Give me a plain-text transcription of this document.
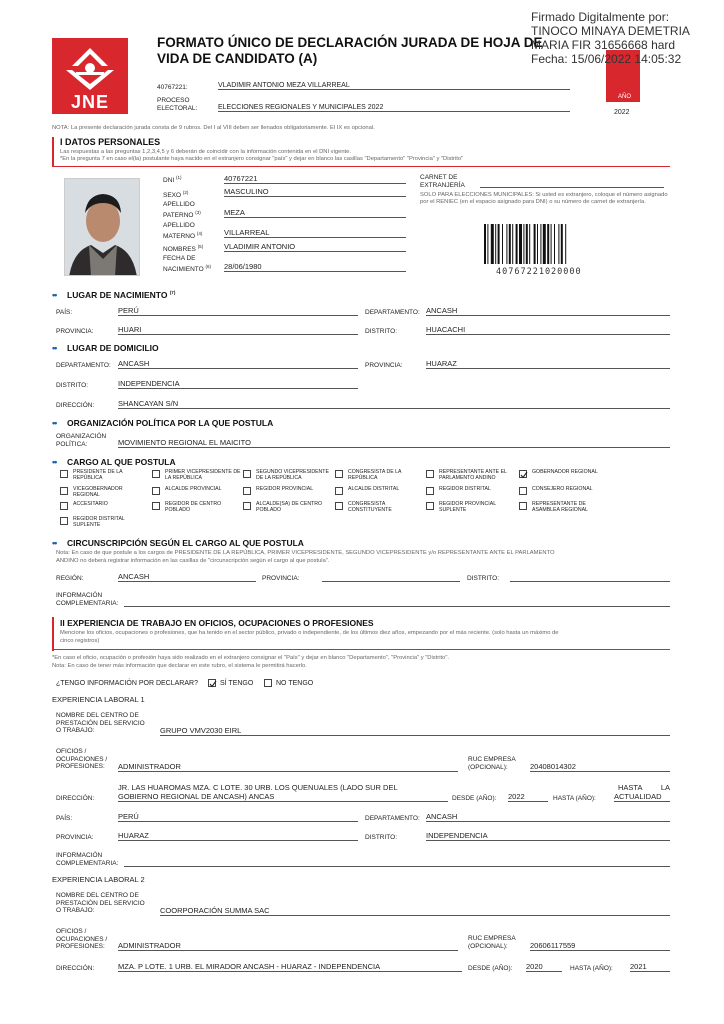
JNE
FORMATO ÚNICO DE DECLARACIÓN JURADA DE HOJA DE
VIDA DE CANDIDATO (A)
Firmado Digitalmente por:
TINOCO MINAYA DEMETRIA
MARIA FIR 31656668 hard
Fecha: 15/06/2022 14:05:32
40767221:	VLADIMIR ANTONIO MEZA VILLARREAL
PROCESO
ELECTORAL:	ELECCIONES REGIONALES Y MUNICIPALES 2022
AÑO
2022
NOTA: La presente declaración jurada consta de 9 rubros. Del I al VIII deben ser llenados obligatoriamente. El IX es opcional.
I DATOS PERSONALES
Las respuestas a las preguntas 1,2,3,4,5 y 6 deberán de coincidir con la información contenida en el DNI vigente.
*En la pregunta 7 en caso el(la) postulante haya nacido en el extranjero consignar "país" y dejar en blanco las casillas "Departamento" "Provincia" y "Distrito"
DNI $^{(1)}$	40767221
SEXO $^{(2)}$	MASCULINO
APELLIDO
PATERNO $^{(3)}$	MEZA
APELLIDO
MATERNO $^{(4)}$	VILLARREAL
NOMBRES $^{(5)}$	VLADIMIR ANTONIO
FECHA DE
NACIMIENTO $^{(6)}$ 28/06/1980
CARNET DE
EXTRANJERÍA
SOLO PARA ELECCIONES MUNICIPALES: Si usted es extranjero, coloque el número asignado por el RENIEC (en el espacio asignado para DNI) o su número de carnet de extranjería.
40767221020000
•• LUGAR DE NACIMIENTO $^{(7)}$
PAÍS:	PERÚ	DEPARTAMENTO: ANCASH
PROVINCIA:	HUARI	DISTRITO:	HUACACHI
•• LUGAR DE DOMICILIO
DEPARTAMENTO: ANCASH	PROVINCIA:	HUARAZ
DISTRITO:	INDEPENDENCIA
DIRECCIÓN:	SHANCAYAN S/N
•• ORGANIZACIÓN POLÍTICA POR LA QUE POSTULA
ORGANIZACIÓN
POLÍTICA:	MOVIMIENTO REGIONAL EL MAICITO
•• CARGO AL QUE POSTULA
PRESIDENTE DE LA REPÚBLICA
PRIMER VICEPRESIDENTE DE LA REPÚBLICA
SEGUNDO VICEPRESIDENTE DE LA REPÚBLICA
CONGRESISTA DE LA REPÚBLICA
REPRESENTANTE ANTE EL PARLAMENTO ANDINO
GOBERNADOR REGIONAL
VICEGOBERNADOR REGIONAL
ALCALDE PROVINCIAL	REGIDOR PROVINCIAL	ALCALDE DISTRITAL	REGIDOR DISTRITAL	CONSEJERO REGIONAL
ACCESITARIO	REGIDOR DE CENTRO POBLADO
ALCALDE(SA) DE CENTRO POBLADO
CONGRESISTA CONSTITUYENTE
REGIDOR PROVINCIAL SUPLENTE
REPRESENTANTE DE ASAMBLEA REGIONAL
REGIDOR DISTRITAL SUPLENTE
•• CIRCUNSCRIPCIÓN SEGÚN EL CARGO AL QUE POSTULA
Nota: En caso de que postule a los cargos de PRESIDENTE DE LA REPÚBLICA, PRIMER VICEPRESIDENTE, SEGUNDO VICEPRESIDENTE y/o REPRESENTANTE ANTE EL PARLAMENTO
ANDINO no deberá registrar información en las casillas de "circunscripción según el cargo al que postula".
REGIÓN:	ANCASH	PROVINCIA:	DISTRITO:
INFORMACIÓN
COMPLEMENTARIA:
II EXPERIENCIA DE TRABAJO EN OFICIOS, OCUPACIONES O PROFESIONES
Mencione los oficios, ocupaciones o profesiones, que ha tenido en el sector público, privado o independiente, de los últimos diez años, empezando por el más reciente. (solo hasta un máximo de
cinco registros)
*En caso el oficio, ocupación o profesión haya sido realizado en el extranjero consignar el "País" y dejar en blanco "Departamento", "Provincia" y "Distrito".
Nota: En caso de tener más información que declarar en este rubro, el sistema le permitirá hacerlo.
¿TENGO INFORMACIÓN POR DECLARAR?	SÍ TENGO	NO TENGO
EXPERIENCIA LABORAL 1
NOMBRE DEL CENTRO DE
PRESTACIÓN DEL SERVICIO
O TRABAJO:	GRUPO VMV2030 EIRL
OFICIOS /
OCUPACIONES /
PROFESIONES:	ADMINISTRADOR
RUC EMPRESA
(OPCIONAL):	20408014302
DIRECCIÓN:
JR. LAS HUAROMAS MZA. C LOTE. 30 URB. LOS QUENUALES (LADO SUR DEL
GOBIERNO REGIONAL DE ANCASH) ANCAS	DESDE (AÑO): 2022	HASTA (AÑO):
HASTA LA
ACTUALIDAD
PAÍS:	PERÚ	DEPARTAMENTO: ANCASH
PROVINCIA:	HUARAZ	DISTRITO:	INDEPENDENCIA
INFORMACIÓN
COMPLEMENTARIA:
EXPERIENCIA LABORAL 2
NOMBRE DEL CENTRO DE
PRESTACIÓN DEL SERVICIO
O TRABAJO:	COORPORACIÓN SUMMA SAC
OFICIOS /
OCUPACIONES /
PROFESIONES:	ADMINISTRADOR
RUC EMPRESA
(OPCIONAL):	20606117559
DIRECCIÓN:	MZA. P LOTE. 1 URB. EL MIRADOR ANCASH - HUARAZ - INDEPENDENCIA	DESDE (AÑO): 2020	HASTA (AÑO): 2021
